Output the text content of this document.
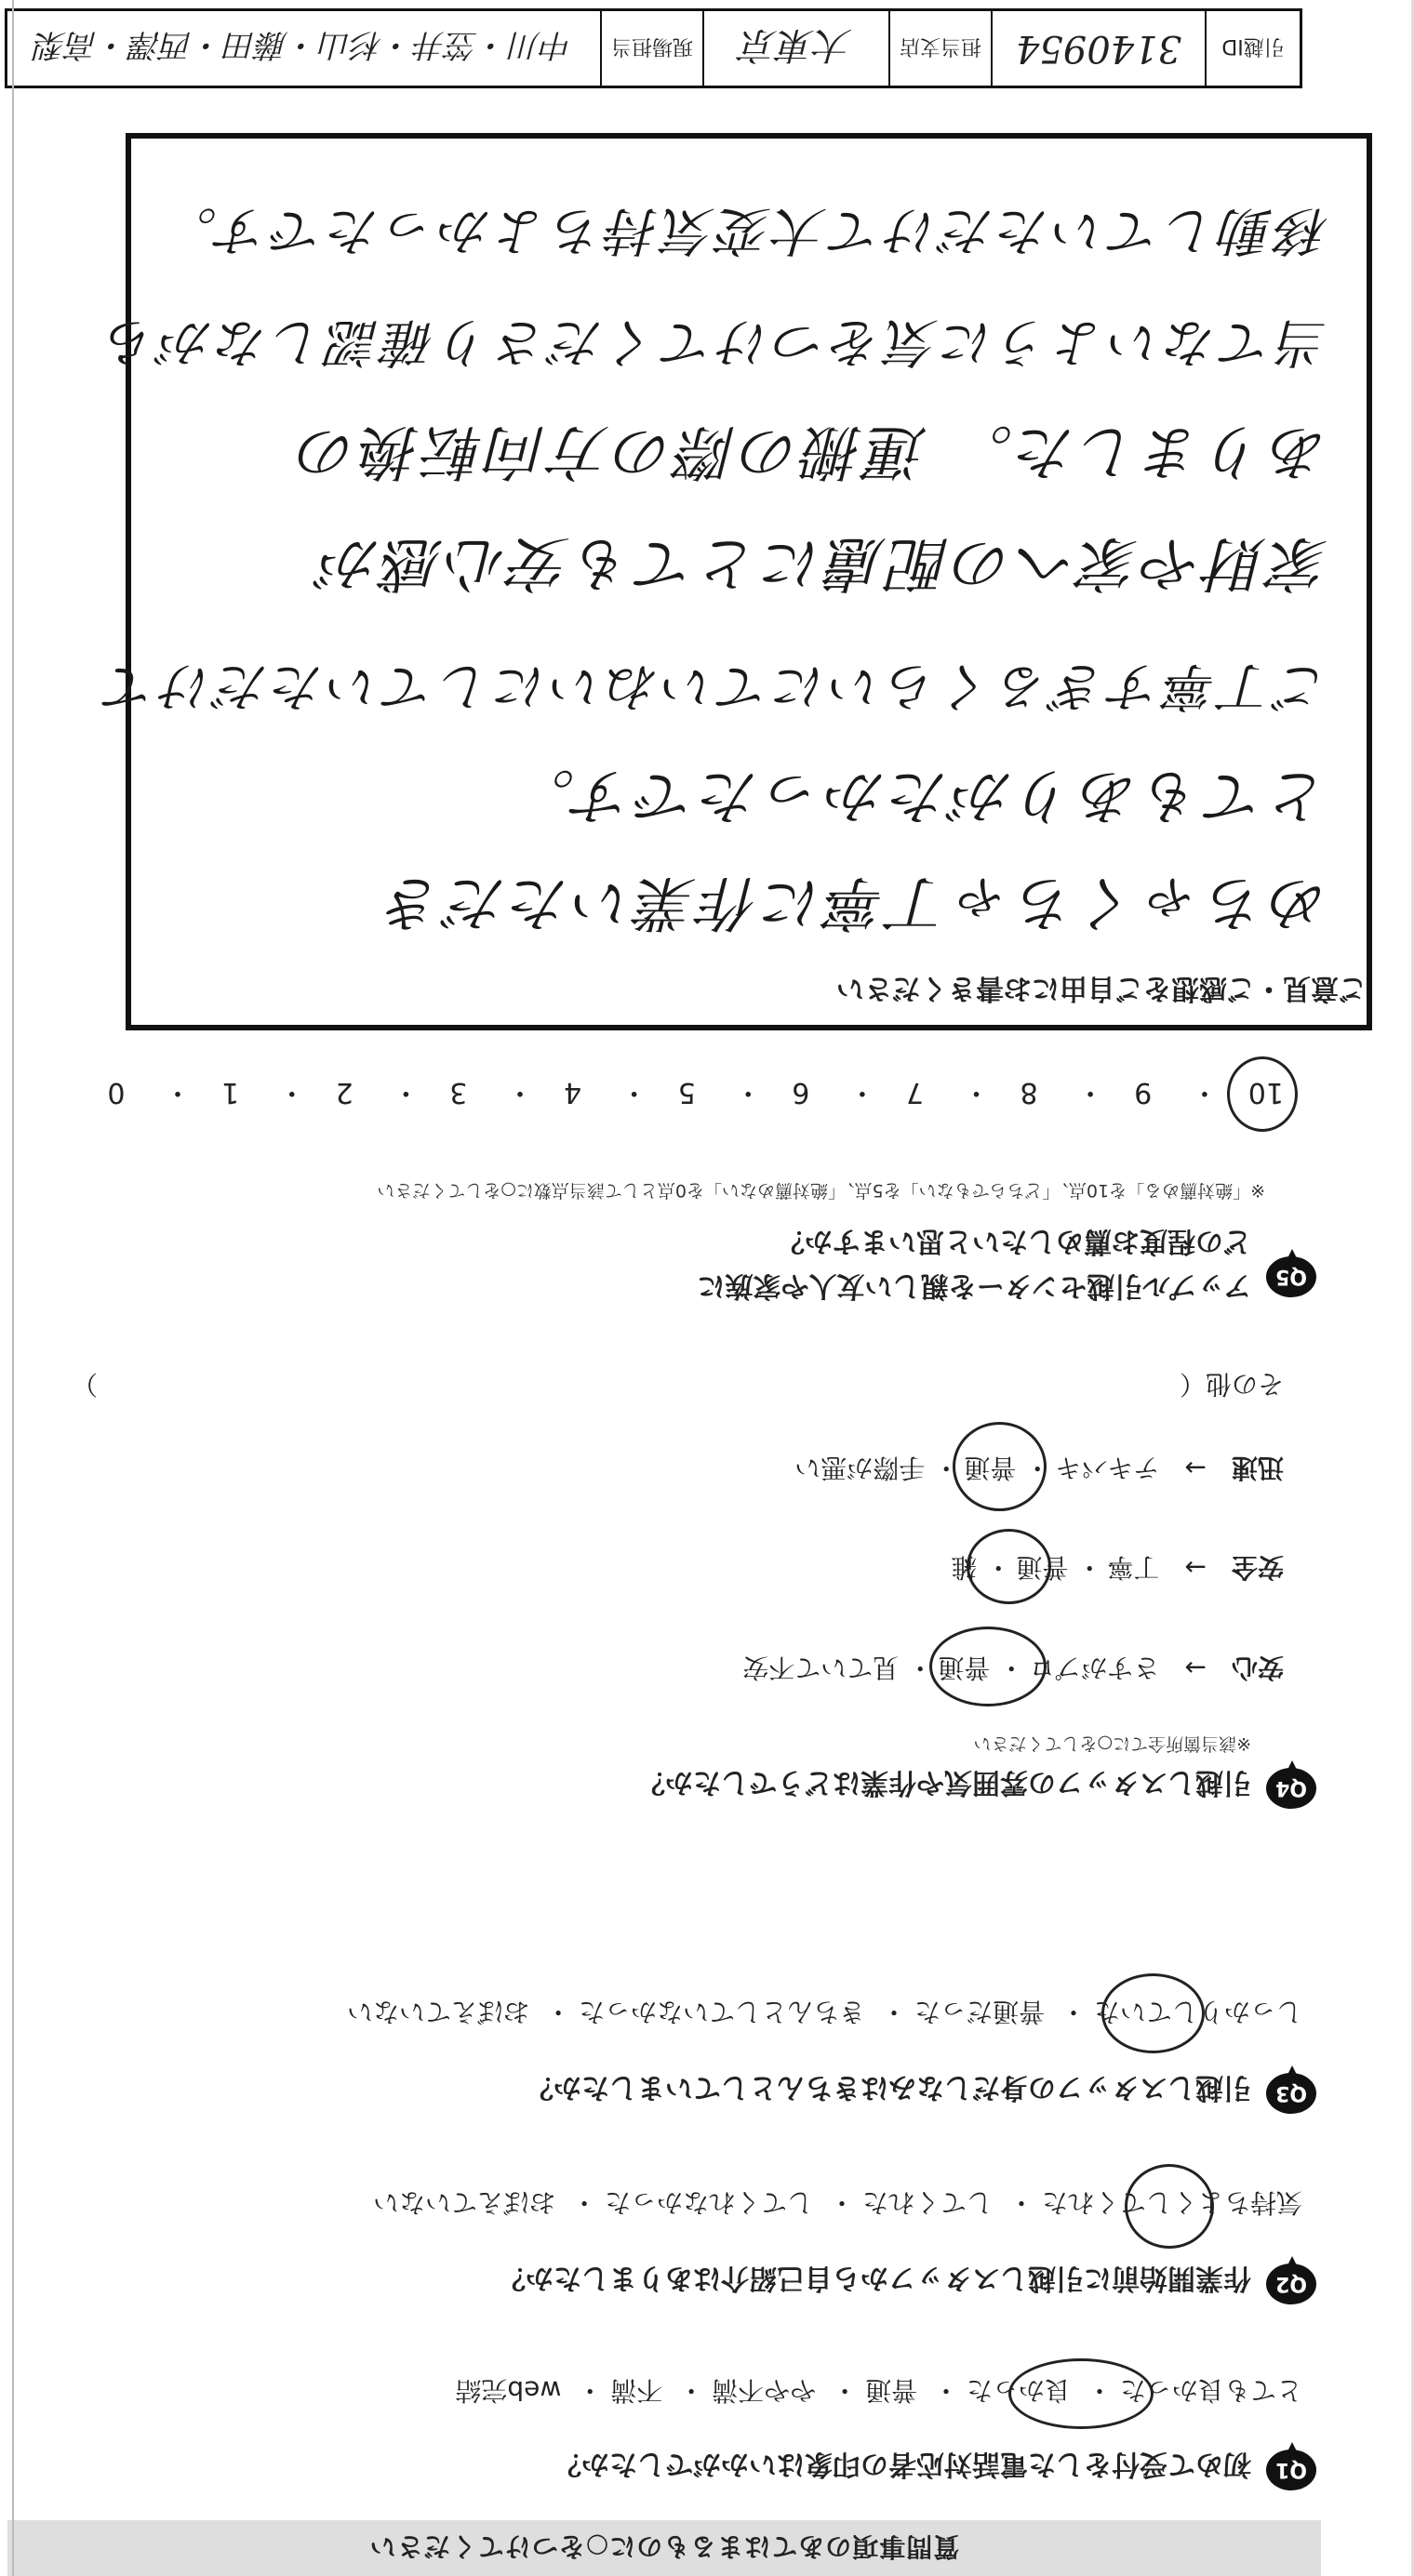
質問事項のあてはまるものに○をつけてください
Q1
初めて受付をした電話対応者の印象はいかがでしたか？
とても良かった・ 良かった・ 普通・ やや不満・ 不満・ web完結
Q2
作業開始前に引越しスタッフから自己紹介はありましたか？
気持ちよくしてくれた・ してくれた・ してくれなかった・ おぼえていない
Q3
引越しスタッフの身だしなみはきちんとしていましたか？
しっかりしていた・ 普通だった・ きちんとしていなかった・ おぼえていない
Q4
引越しスタッフの雰囲気や作業はどうでしたか？
※該当箇所全てに○をしてください
安心 → さすがプロ ・ 普通 ・ 見ていて不安
安全 → 丁寧 ・ 普通 ・ 雑
迅速 → テキパキ ・ 普通 ・ 手際が悪い
その他（
）
Q5
アップル引越センターを親しい友人や家族に
どの程度お薦めしたいと思いますか？
※「絶対薦める」を10点、「どちらでもない」を5点、「絶対薦めない」を0点として該当点数に○をしてください
10・ 9・ 8・ 7・ 6・ 5・ 4・ 3・ 2・ 1・ 0
ご意見・ご感想をご自由にお書きください
めちゃくちゃ丁寧に作業いただき
とてもありがたかったです。
ご丁寧すぎるくらいにていねいにしていただけて
家財や家への配慮にとても安心感が
ありました。 運搬の際の方向転換の
当てないように気をつけてくださり確認しながら
移動していただけて大変気持ちよかったです。
引越ID
3140954
担当支店
大東京
現場担当
中川・笠井・杉山・藤田・西澤・高梨
